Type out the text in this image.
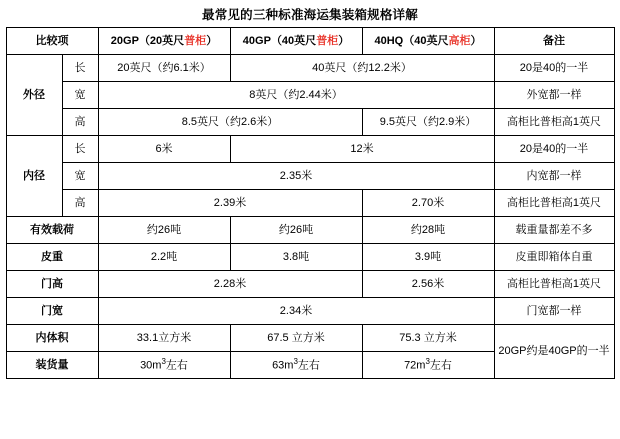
最常见的三种标准海运集装箱规格详解
比较项		20GP（20英尺普柜）	40GP（40英尺普柜）	40HQ（40英尺高柜）	备注
外径	长	20英尺（约6.1米）	40英尺（约12.2米）		20是40的一半
	宽	8英尺（约2.44米）			外宽都一样
	高	8.5英尺（约2.6米）		9.5英尺（约2.9米）	高柜比普柜高1英尺
内径	长	6米	12米		20是40的一半
	宽	2.35米			内宽都一样
	高	2.39米		2.70米	高柜比普柜高1英尺
有效载荷		约26吨	约26吨	约28吨	载重量都差不多
皮重		2.2吨	3.8吨	3.9吨	皮重即箱体自重
门高		2.28米		2.56米	高柜比普柜高1英尺
门宽		2.34米			门宽都一样
内体积		33.1立方米	67.5 立方米	75.3 立方米	20GP约是40GP的一半
装货量		$30m^3$左右	$63m^3$左右	$72m^3$左右	
